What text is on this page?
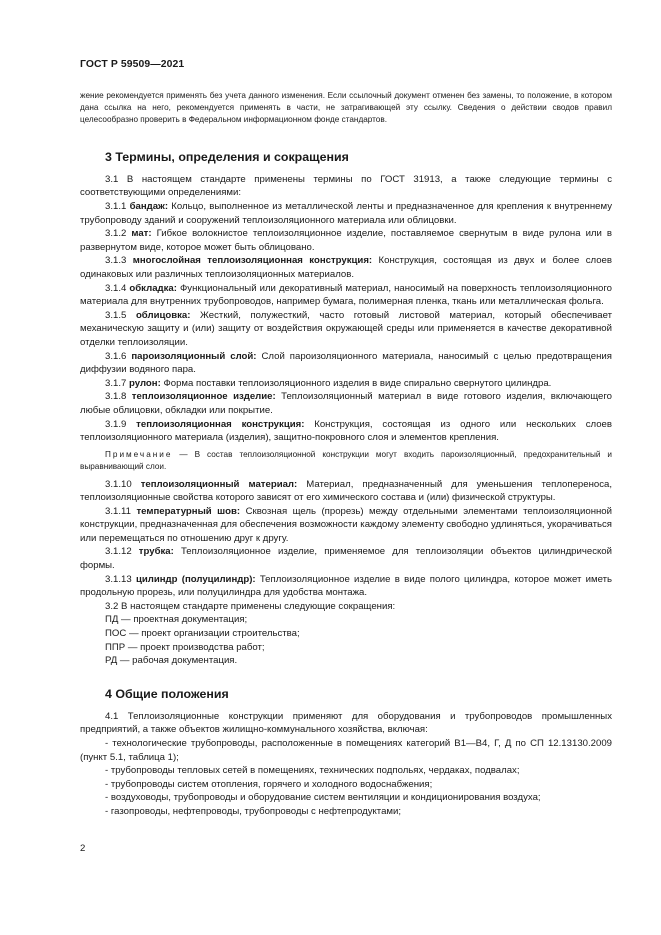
ГОСТ Р 59509—2021

жение рекомендуется применять без учета данного изменения. Если ссылочный документ отменен без замены, то положение, в котором дана ссылка на него, рекомендуется применять в части, не затрагивающей эту ссылку. Сведения о действии сводов правил целесообразно проверить в Федеральном информационном фонде стандартов.

3 Термины, определения и сокращения

3.1 В настоящем стандарте применены термины по ГОСТ 31913, а также следующие термины с соответствующими определениями:

3.1.1 бандаж: Кольцо, выполненное из металлической ленты и предназначенное для крепления к внутреннему трубопроводу зданий и сооружений теплоизоляционного материала или облицовки.

3.1.2 мат: Гибкое волокнистое теплоизоляционное изделие, поставляемое свернутым в виде рулона или в развернутом виде, которое может быть облицовано.

3.1.3 многослойная теплоизоляционная конструкция: Конструкция, состоящая из двух и более слоев одинаковых или различных теплоизоляционных материалов.

3.1.4 обкладка: Функциональный или декоративный материал, наносимый на поверхность теплоизоляционного материала для внутренних трубопроводов, например бумага, полимерная пленка, ткань или металлическая фольга.

3.1.5 облицовка: Жесткий, полужесткий, часто готовый листовой материал, который обеспечивает механическую защиту и (или) защиту от воздействия окружающей среды или применяется в качестве декоративной отделки теплоизоляции.

3.1.6 пароизоляционный слой: Слой пароизоляционного материала, наносимый с целью предотвращения диффузии водяного пара.

3.1.7 рулон: Форма поставки теплоизоляционного изделия в виде спирально свернутого цилиндра.

3.1.8 теплоизоляционное изделие: Теплоизоляционный материал в виде готового изделия, включающего любые облицовки, обкладки или покрытие.

3.1.9 теплоизоляционная конструкция: Конструкция, состоящая из одного или нескольких слоев теплоизоляционного материала (изделия), защитно-покровного слоя и элементов крепления.

Примечание — В состав теплоизоляционной конструкции могут входить пароизоляционный, предохранительный и выравнивающий слои.

3.1.10 теплоизоляционный материал: Материал, предназначенный для уменьшения теплопереноса, теплоизоляционные свойства которого зависят от его химического состава и (или) физической структуры.

3.1.11 температурный шов: Сквозная щель (прорезь) между отдельными элементами теплоизоляционной конструкции, предназначенная для обеспечения возможности каждому элементу свободно удлиняться, укорачиваться или перемещаться по отношению друг к другу.

3.1.12 трубка: Теплоизоляционное изделие, применяемое для теплоизоляции объектов цилиндрической формы.

3.1.13 цилиндр (полуцилиндр): Теплоизоляционное изделие в виде полого цилиндра, которое может иметь продольную прорезь, или полуцилиндра для удобства монтажа.

3.2 В настоящем стандарте применены следующие сокращения:

ПД — проектная документация;

ПОС — проект организации строительства;

ППР — проект производства работ;

РД — рабочая документация.

4 Общие положения

4.1 Теплоизоляционные конструкции применяют для оборудования и трубопроводов промышленных предприятий, а также объектов жилищно-коммунального хозяйства, включая:

- технологические трубопроводы, расположенные в помещениях категорий В1—В4, Г, Д по СП 12.13130.2009 (пункт 5.1, таблица 1);

- трубопроводы тепловых сетей в помещениях, технических подпольях, чердаках, подвалах;

- трубопроводы систем отопления, горячего и холодного водоснабжения;

- воздуховоды, трубопроводы и оборудование систем вентиляции и кондиционирования воздуха;

- газопроводы, нефтепроводы, трубопроводы с нефтепродуктами;

2
